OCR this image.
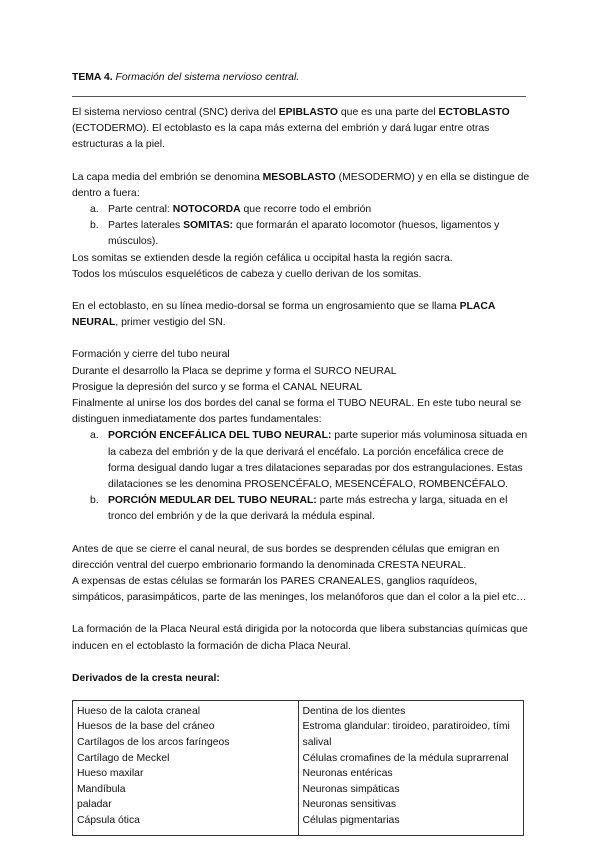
TEMA 4. Formación del sistema nervioso central.

El sistema nervioso central (SNC) deriva del EPIBLASTO que es una parte del ECTOBLASTO (ECTODERMO). El ectoblasto es la capa más externa del embrión y dará lugar entre otras estructuras a la piel.

La capa media del embrión se denomina MESOBLASTO (MESODERMO) y en ella se distingue de dentro a fuera:

a. Parte central: NOTOCORDA que recorre todo el embrión
b. Partes laterales SOMITAS: que formarán el aparato locomotor (huesos, ligamentos y músculos).

Los somitas se extienden desde la región cefálica u occipital hasta la región sacra.

Todos los músculos esqueléticos de cabeza y cuello derivan de los somitas.

En el ectoblasto, en su línea medio-dorsal se forma un engrosamiento que se llama PLACA NEURAL, primer vestigio del SN.

Formación y cierre del tubo neural

Durante el desarrollo la Placa se deprime y forma el SURCO NEURAL

Prosigue la depresión del surco y se forma el CANAL NEURAL

Finalmente al unirse los dos bordes del canal se forma el TUBO NEURAL. En este tubo neural se distinguen inmediatamente dos partes fundamentales:

a. PORCIÓN ENCEFÁLICA DEL TUBO NEURAL: parte superior más voluminosa situada en la cabeza del embrión y de la que derivará el encéfalo. La porción encefálica crece de forma desigual dando lugar a tres dilataciones separadas por dos estrangulaciones. Estas dilataciones se les denomina PROSENCÉFALO, MESENCÉFALO, ROMBENCÉFALO.
b. PORCIÓN MEDULAR DEL TUBO NEURAL: parte más estrecha y larga, situada en el tronco del embrión y de la que derivará la médula espinal.

Antes de que se cierre el canal neural, de sus bordes se desprenden células que emigran en dirección ventral del cuerpo embrionario formando la denominada CRESTA NEURAL.

A expensas de estas células se formarán los PARES CRANEALES, ganglios raquídeos, simpáticos, parasimpáticos, parte de las meninges, los melanóforos que dan el color a la piel etc…

La formación de la Placa Neural está dirigida por la notocorda que libera substancias químicas que inducen en el ectoblasto la formación de dicha Placa Neural.

Derivados de la cresta neural:

Hueso de la calota craneal
Huesos de la base del cráneo
Cartílagos de los arcos faríngeos
Cartílago de Meckel
Hueso maxilar
Mandíbula
paladar
Cápsula ótica

Dentina de los dientes
Estroma glandular: tiroideo, paratiroideo, tími
salival
Células cromafines de la médula suprarrenal
Neuronas entéricas
Neuronas simpáticas
Neuronas sensitivas
Células pigmentarias
